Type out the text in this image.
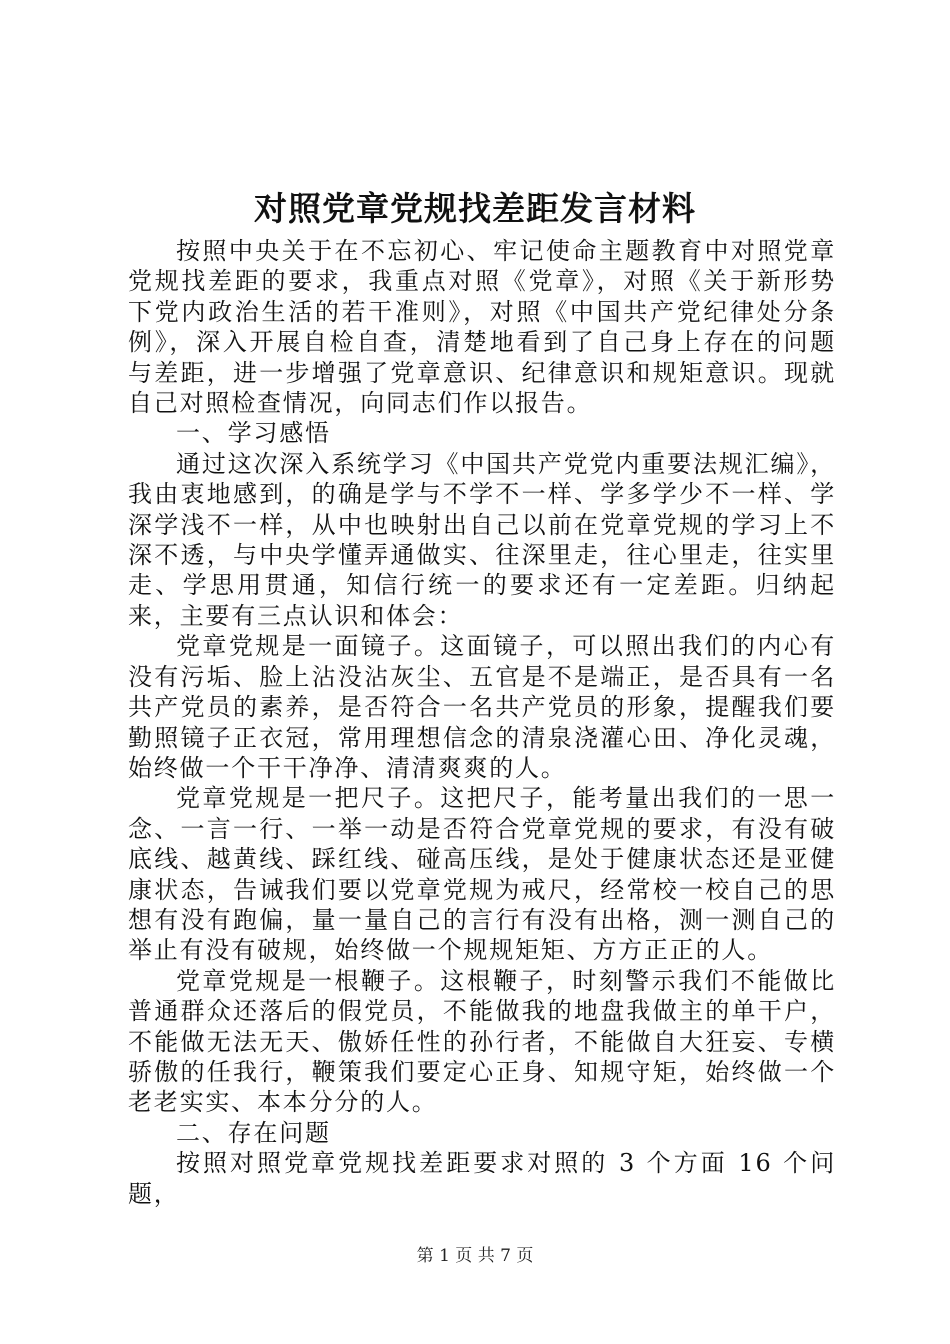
对照党章党规找差距发言材料

按照中央关于在不忘初心、牢记使命主题教育中对照党章党规找差距的要求，我重点对照《党章》，对照《关于新形势下党内政治生活的若干准则》，对照《中国共产党纪律处分条例》，深入开展自检自查，清楚地看到了自己身上存在的问题与差距，进一步增强了党章意识、纪律意识和规矩意识。现就自己对照检查情况，向同志们作以报告。

一、学习感悟

通过这次深入系统学习《中国共产党党内重要法规汇编》，我由衷地感到，的确是学与不学不一样、学多学少不一样、学深学浅不一样，从中也映射出自己以前在党章党规的学习上不深不透，与中央学懂弄通做实、往深里走，往心里走，往实里走、学思用贯通，知信行统一的要求还有一定差距。归纳起来，主要有三点认识和体会：

党章党规是一面镜子。这面镜子，可以照出我们的内心有没有污垢、脸上沾没沾灰尘、五官是不是端正，是否具有一名共产党员的素养，是否符合一名共产党员的形象，提醒我们要勤照镜子正衣冠，常用理想信念的清泉浇灌心田、净化灵魂，始终做一个干干净净、清清爽爽的人。

党章党规是一把尺子。这把尺子，能考量出我们的一思一念、一言一行、一举一动是否符合党章党规的要求，有没有破底线、越黄线、踩红线、碰高压线，是处于健康状态还是亚健康状态，告诫我们要以党章党规为戒尺，经常校一校自己的思想有没有跑偏，量一量自己的言行有没有出格，测一测自己的举止有没有破规，始终做一个规规矩矩、方方正正的人。

党章党规是一根鞭子。这根鞭子，时刻警示我们不能做比普通群众还落后的假党员，不能做我的地盘我做主的单干户，不能做无法无天、傲娇任性的孙行者，不能做自大狂妄、专横骄傲的任我行，鞭策我们要定心正身、知规守矩，始终做一个老老实实、本本分分的人。

二、存在问题

按照对照党章党规找差距要求对照的 3 个方面 16 个问题，

第 1 页 共 7 页
